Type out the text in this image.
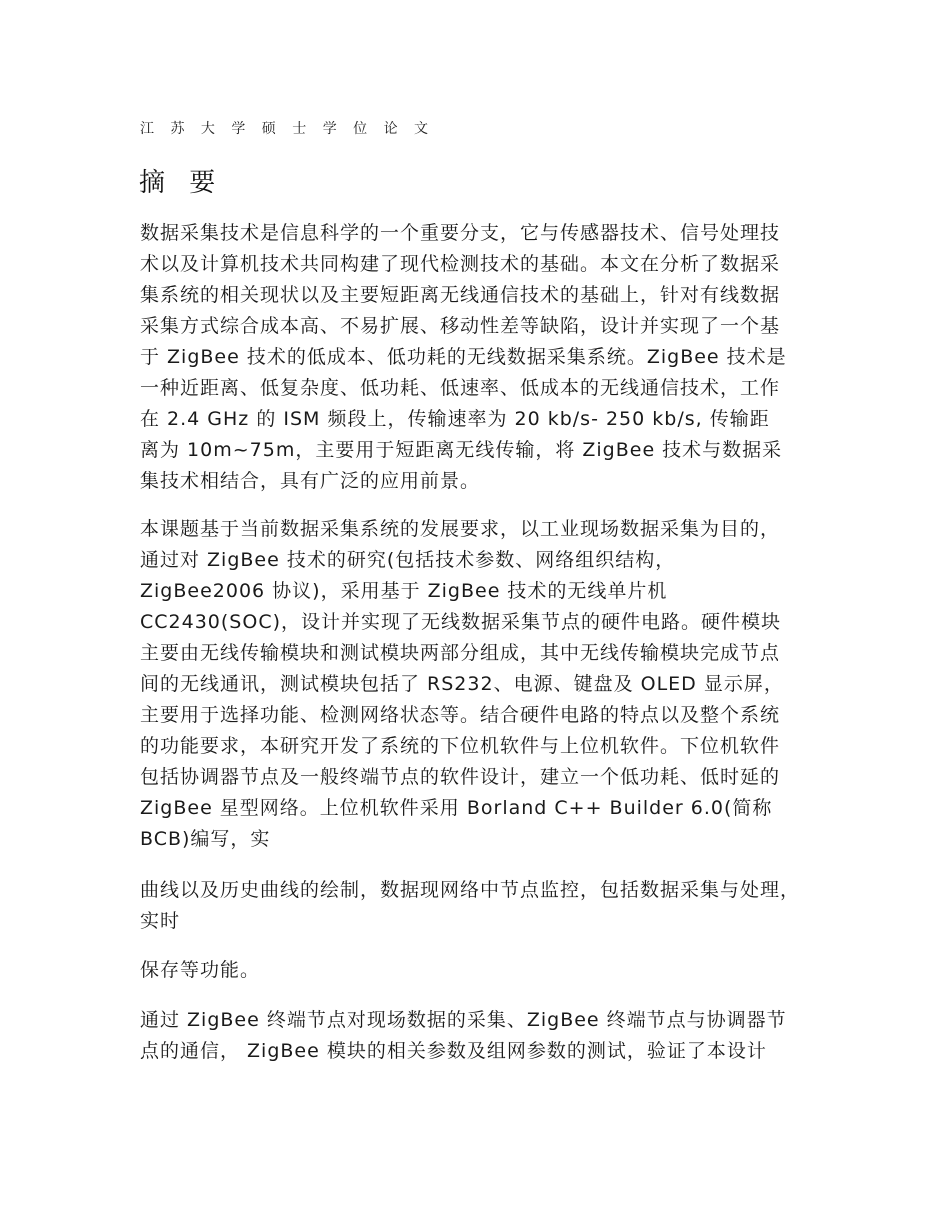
江 苏 大 学 硕 士 学 位 论 文
摘 要
数据采集技术是信息科学的一个重要分支，它与传感器技术、信号处理技
术以及计算机技术共同构建了现代检测技术的基础。本文在分析了数据采
集系统的相关现状以及主要短距离无线通信技术的基础上，针对有线数据
采集方式综合成本高、不易扩展、移动性差等缺陷，设计并实现了一个基
于 ZigBee 技术的低成本、低功耗的无线数据采集系统。ZigBee 技术是
一种近距离、低复杂度、低功耗、低速率、低成本的无线通信技术，工作
在 2.4 GHz 的 ISM 频段上，传输速率为 20 kb/s- 250 kb/s, 传输距
离为 10m~75m，主要用于短距离无线传输，将 ZigBee 技术与数据采
集技术相结合，具有广泛的应用前景。
本课题基于当前数据采集系统的发展要求，以工业现场数据采集为目的，
通过对 ZigBee 技术的研究(包括技术参数、网络组织结构，
ZigBee2006 协议)，采用基于 ZigBee 技术的无线单片机
CC2430(SOC)，设计并实现了无线数据采集节点的硬件电路。硬件模块
主要由无线传输模块和测试模块两部分组成，其中无线传输模块完成节点
间的无线通讯，测试模块包括了 RS232、电源、键盘及 OLED 显示屏，
主要用于选择功能、检测网络状态等。结合硬件电路的特点以及整个系统
的功能要求，本研究开发了系统的下位机软件与上位机软件。下位机软件
包括协调器节点及一般终端节点的软件设计，建立一个低功耗、低时延的
ZigBee 星型网络。上位机软件采用 Borland C++ Builder 6.0(简称
BCB)编写，实
曲线以及历史曲线的绘制，数据现网络中节点监控，包括数据采集与处理，
实时
保存等功能。
通过 ZigBee 终端节点对现场数据的采集、ZigBee 终端节点与协调器节
点的通信， ZigBee 模块的相关参数及组网参数的测试，验证了本设计
